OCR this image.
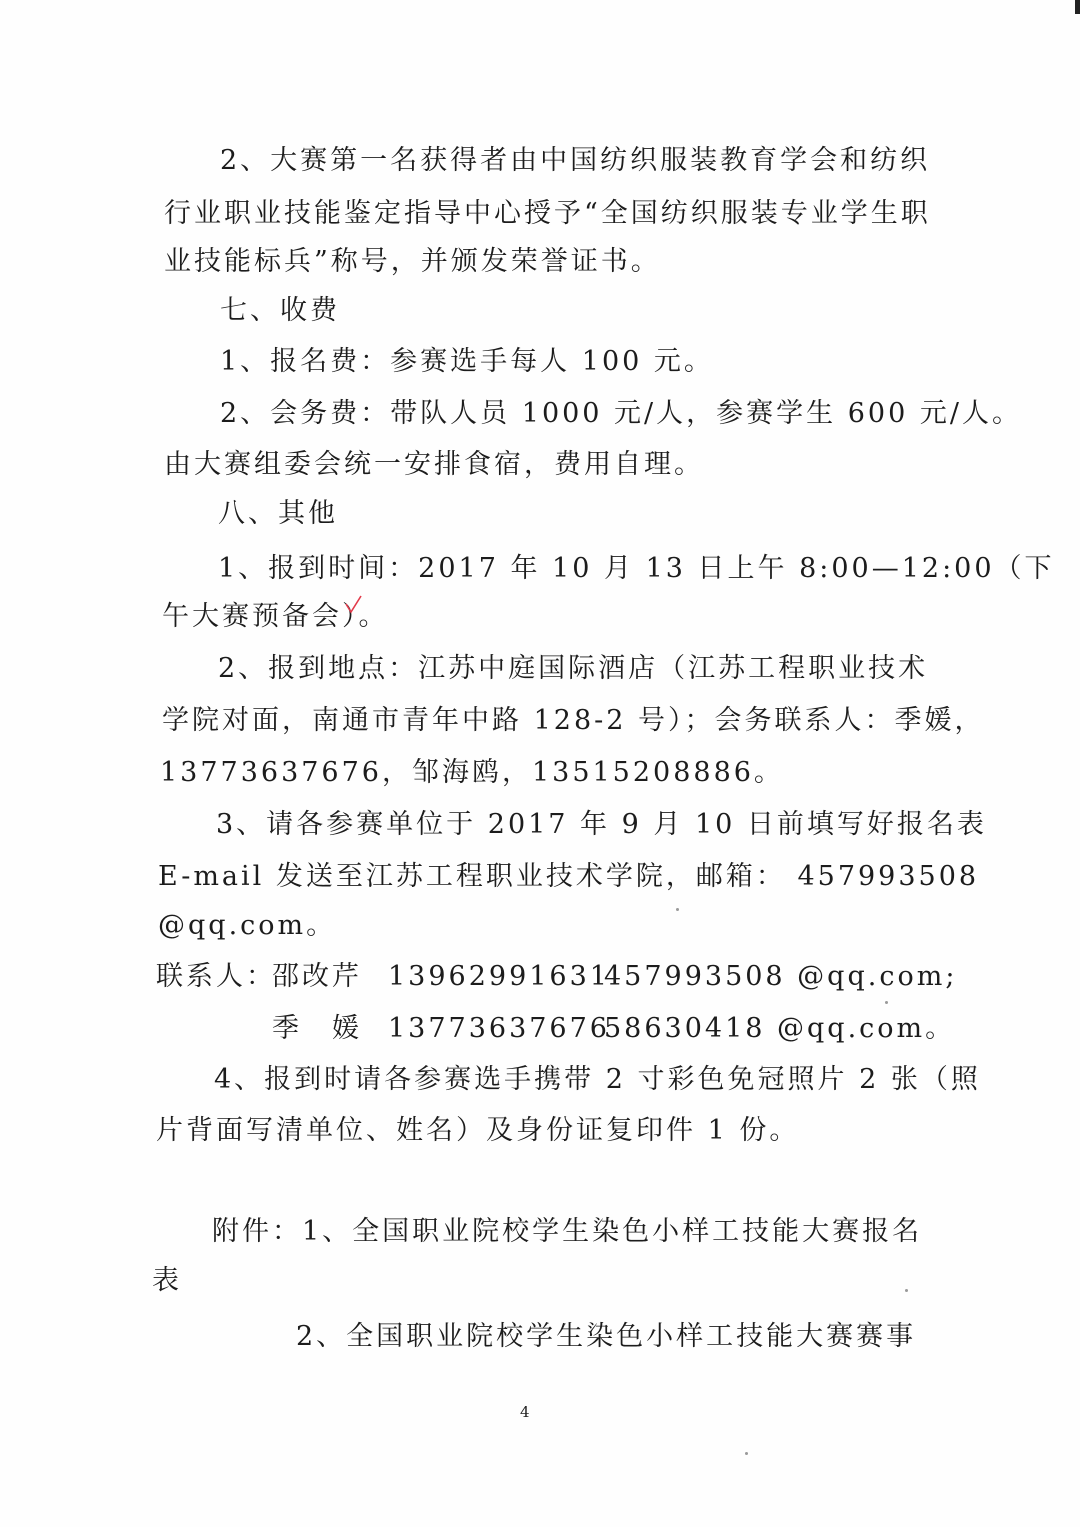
2、大赛第一名获得者由中国纺织服装教育学会和纺织
行业职业技能鉴定指导中心授予“全国纺织服装专业学生职
业技能标兵”称号，并颁发荣誉证书。
七、收费
1、报名费：参赛选手每人 100 元。
2、会务费：带队人员 1000 元/人，参赛学生 600 元/人。
由大赛组委会统一安排食宿，费用自理。
八、其他
1、报到时间：2017 年 10 月 13 日上午 8:00—12:00（下
午大赛预备会）。
2、报到地点：江苏中庭国际酒店（江苏工程职业技术
学院对面，南通市青年中路 128-2 号）；会务联系人：季媛，
13773637676，邹海鸥，13515208886。
3、请各参赛单位于 2017 年 9 月 10 日前填写好报名表
E-mail 发送至江苏工程职业技术学院，邮箱： 457993508
@qq.com。
联系人：
邵改芹 13962991631
457993508 @qq.com;
季　媛 13773637676
58630418 @qq.com。
4、报到时请各参赛选手携带 2 寸彩色免冠照片 2 张（照
片背面写清单位、姓名）及身份证复印件 1 份。
附件：1、全国职业院校学生染色小样工技能大赛报名
表
2、全国职业院校学生染色小样工技能大赛赛事
4
